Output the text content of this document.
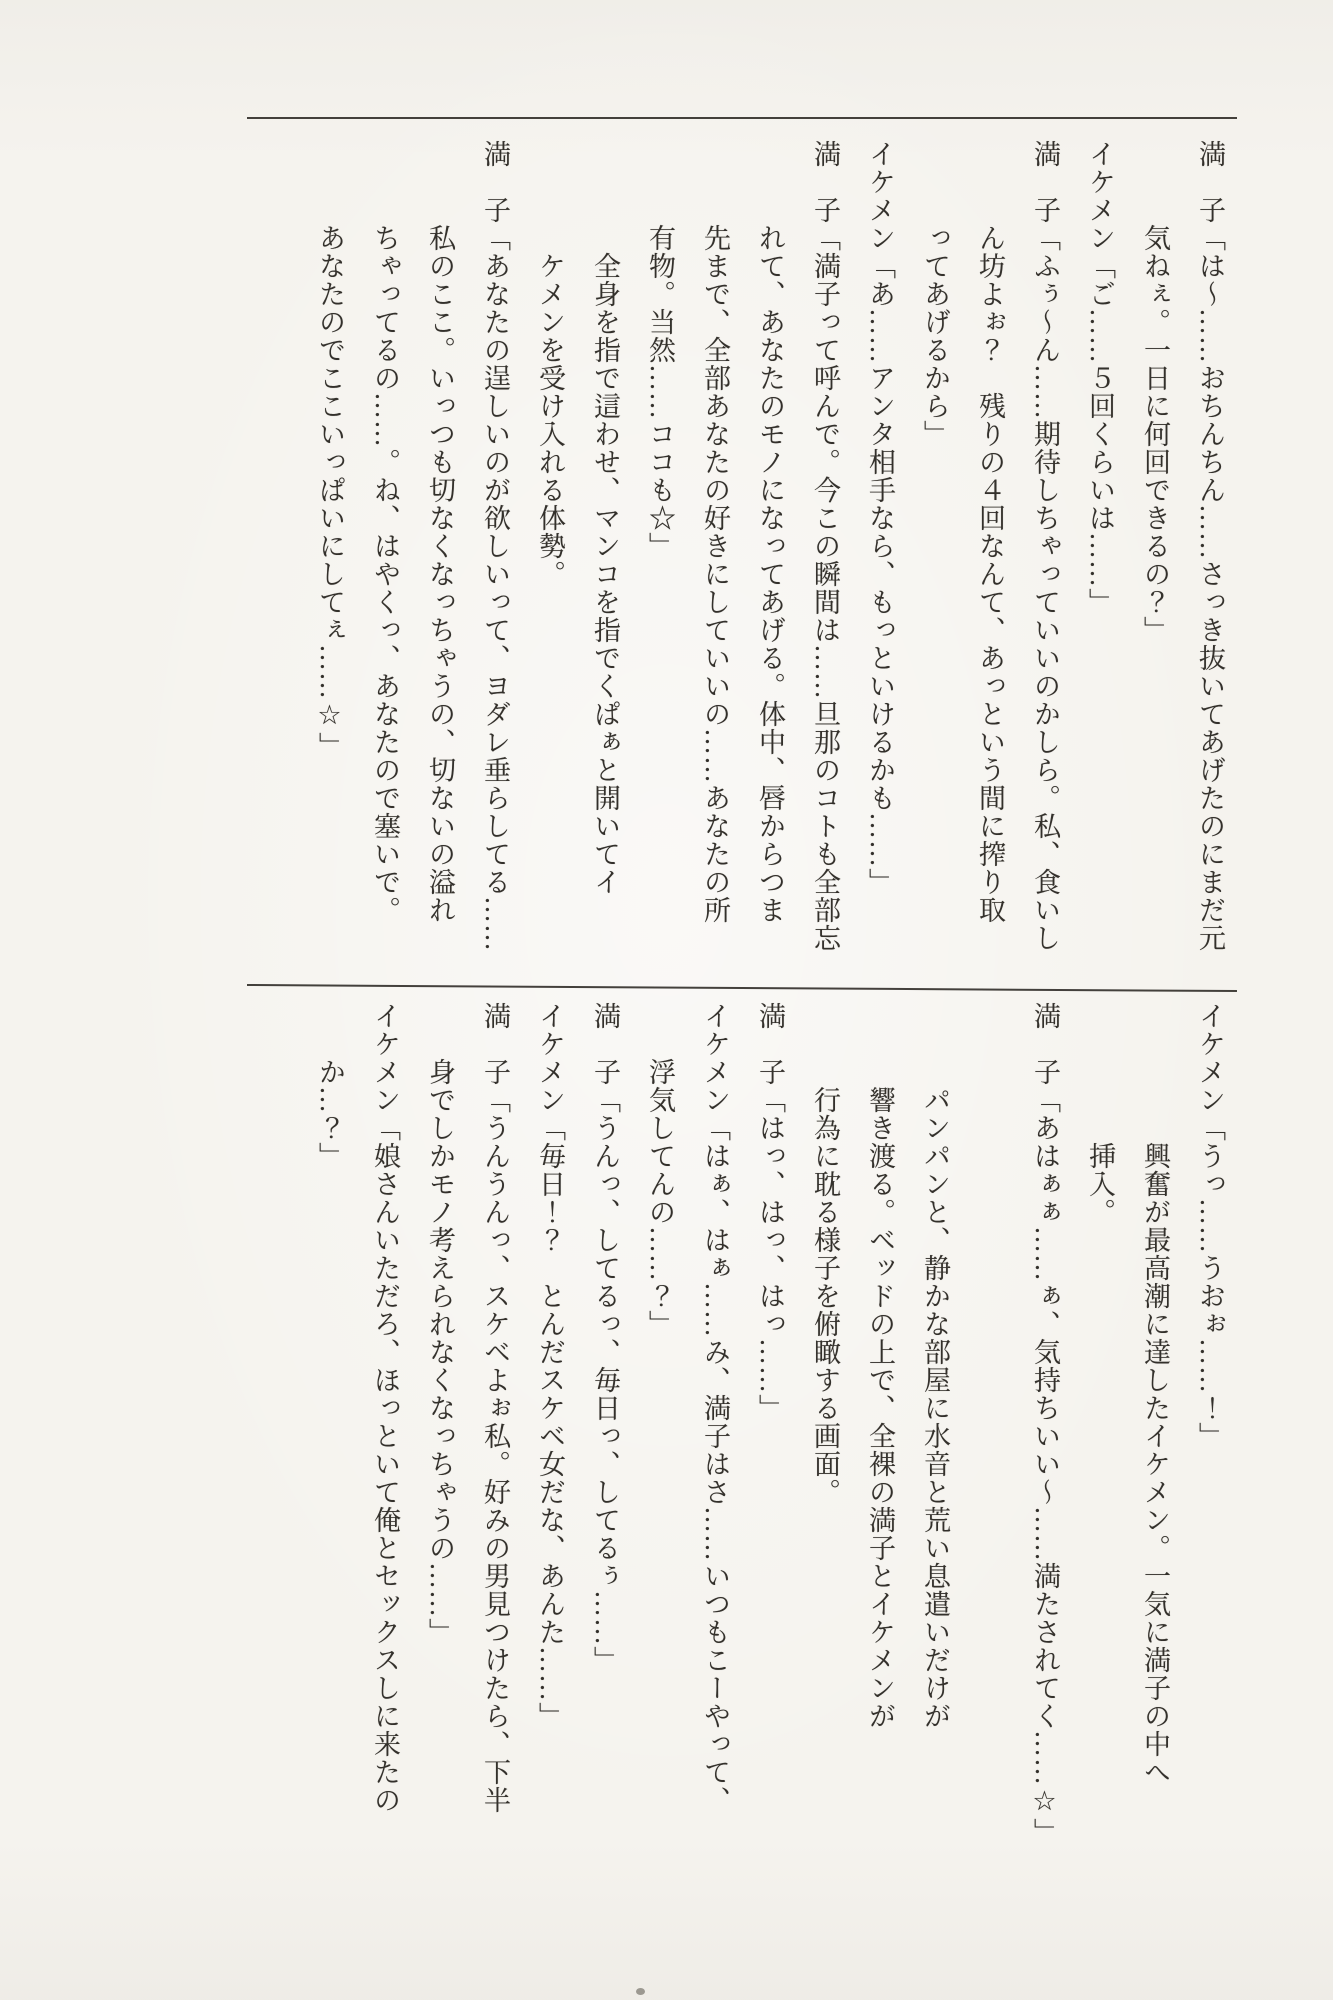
満　子「は～……おちんちん……さっき抜いてあげたのにまだ元
　　　気ねぇ。一日に何回できるの？」
イケメン「ご……５回くらいは……」
満　子「ふぅ～ん……期待しちゃっていいのかしら。私、食いし
　　　ん坊よぉ？　残りの４回なんて、あっという間に搾り取
　　　ってあげるから」
イケメン「あ……アンタ相手なら、もっといけるかも……」
満　子「満子って呼んで。今この瞬間は……旦那のコトも全部忘
　　　れて、あなたのモノになってあげる。体中、唇からつま
　　　先まで、全部あなたの好きにしていいの……あなたの所
　　　有物。当然……ココも☆」
　　　　全身を指で這わせ、マンコを指でくぱぁと開いてイ
　　　　ケメンを受け入れる体勢。
満　子「あなたの逞しいのが欲しいって、ヨダレ垂らしてる……
　　　私のここ。いっつも切なくなっちゃうの、切ないの溢れ
　　　ちゃってるの……。ね、はやくっ、あなたので塞いで。
　　　あなたのでここいっぱいにしてぇ……☆」
イケメン「うっ……うおぉ……！」
　　　　　興奮が最高潮に達したイケメン。一気に満子の中へ
　　　　　挿入。
満　子「あはぁぁ……ぁ、気持ちいい～……満たされてく……☆」

　　　パンパンと、静かな部屋に水音と荒い息遣いだけが
　　　響き渡る。ベッドの上で、全裸の満子とイケメンが
　　　行為に耽る様子を俯瞰する画面。
満　子「はっ、はっ、はっ……」
イケメン「はぁ、はぁ……み、満子はさ……いつもこーやって、
　　浮気してんの……？」
満　子「うんっ、してるっ、毎日っ、してるぅ……」
イケメン「毎日！？　とんだスケベ女だな、あんた……」
満　子「うんうんっ、スケベよぉ私。好みの男見つけたら、下半
　　身でしかモノ考えられなくなっちゃうの……」
イケメン「娘さんいただろ、ほっといて俺とセックスしに来たの
　　か…？」
